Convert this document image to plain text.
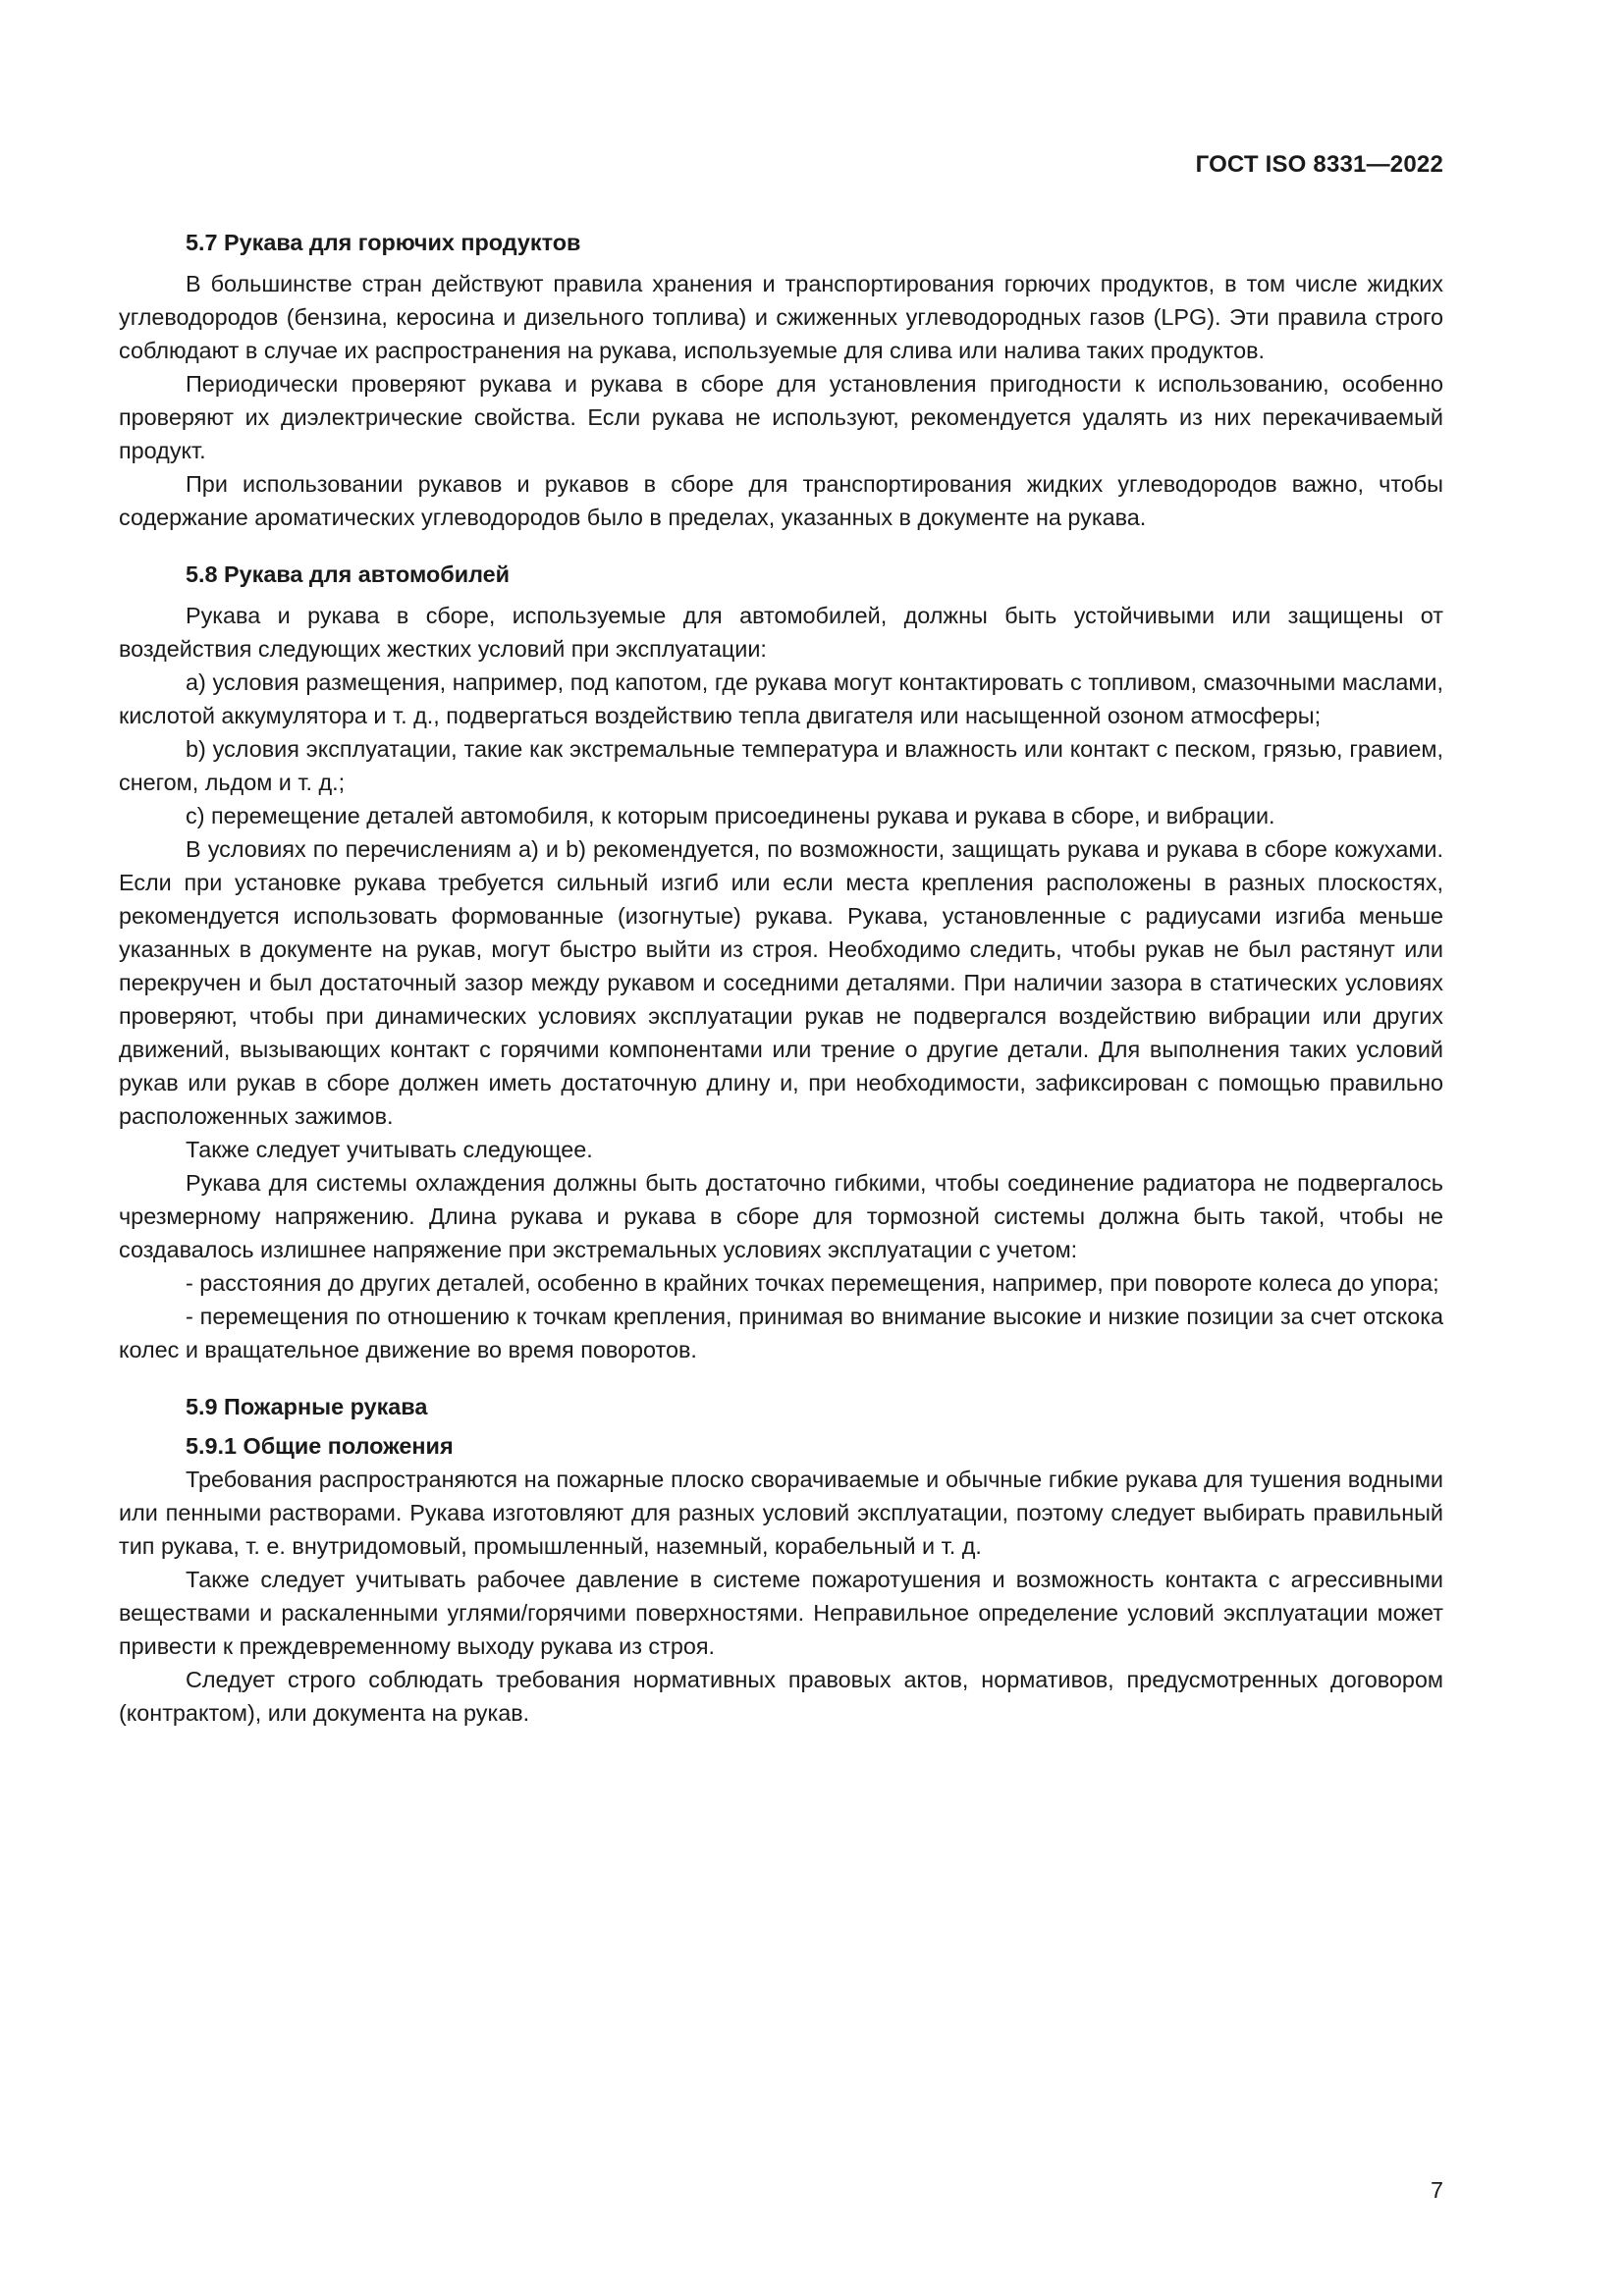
ГОСТ ISO 8331—2022

5.7 Рукава для горючих продуктов

В большинстве стран действуют правила хранения и транспортирования горючих продуктов, в том числе жидких углеводородов (бензина, керосина и дизельного топлива) и сжиженных углеводородных газов (LPG). Эти правила строго соблюдают в случае их распространения на рукава, используемые для слива или налива таких продуктов.

Периодически проверяют рукава и рукава в сборе для установления пригодности к использованию, особенно проверяют их диэлектрические свойства. Если рукава не используют, рекомендуется удалять из них перекачиваемый продукт.

При использовании рукавов и рукавов в сборе для транспортирования жидких углеводородов важно, чтобы содержание ароматических углеводородов было в пределах, указанных в документе на рукава.

5.8 Рукава для автомобилей

Рукава и рукава в сборе, используемые для автомобилей, должны быть устойчивыми или защищены от воздействия следующих жестких условий при эксплуатации:

a) условия размещения, например, под капотом, где рукава могут контактировать с топливом, смазочными маслами, кислотой аккумулятора и т. д., подвергаться воздействию тепла двигателя или насыщенной озоном атмосферы;

b) условия эксплуатации, такие как экстремальные температура и влажность или контакт с песком, грязью, гравием, снегом, льдом и т. д.;

c) перемещение деталей автомобиля, к которым присоединены рукава и рукава в сборе, и вибрации.

В условиях по перечислениям a) и b) рекомендуется, по возможности, защищать рукава и рукава в сборе кожухами. Если при установке рукава требуется сильный изгиб или если места крепления расположены в разных плоскостях, рекомендуется использовать формованные (изогнутые) рукава. Рукава, установленные с радиусами изгиба меньше указанных в документе на рукав, могут быстро выйти из строя. Необходимо следить, чтобы рукав не был растянут или перекручен и был достаточный зазор между рукавом и соседними деталями. При наличии зазора в статических условиях проверяют, чтобы при динамических условиях эксплуатации рукав не подвергался воздействию вибрации или других движений, вызывающих контакт с горячими компонентами или трение о другие детали. Для выполнения таких условий рукав или рукав в сборе должен иметь достаточную длину и, при необходимости, зафиксирован с помощью правильно расположенных зажимов.

Также следует учитывать следующее.

Рукава для системы охлаждения должны быть достаточно гибкими, чтобы соединение радиатора не подвергалось чрезмерному напряжению. Длина рукава и рукава в сборе для тормозной системы должна быть такой, чтобы не создавалось излишнее напряжение при экстремальных условиях эксплуатации с учетом:

- расстояния до других деталей, особенно в крайних точках перемещения, например, при повороте колеса до упора;

- перемещения по отношению к точкам крепления, принимая во внимание высокие и низкие позиции за счет отскока колес и вращательное движение во время поворотов.

5.9 Пожарные рукава

5.9.1 Общие положения

Требования распространяются на пожарные плоско сворачиваемые и обычные гибкие рукава для тушения водными или пенными растворами. Рукава изготовляют для разных условий эксплуатации, поэтому следует выбирать правильный тип рукава, т. е. внутридомовый, промышленный, наземный, корабельный и т. д.

Также следует учитывать рабочее давление в системе пожаротушения и возможность контакта с агрессивными веществами и раскаленными углями/горячими поверхностями. Неправильное определение условий эксплуатации может привести к преждевременному выходу рукава из строя.

Следует строго соблюдать требования нормативных правовых актов, нормативов, предусмотренных договором (контрактом), или документа на рукав.

7
